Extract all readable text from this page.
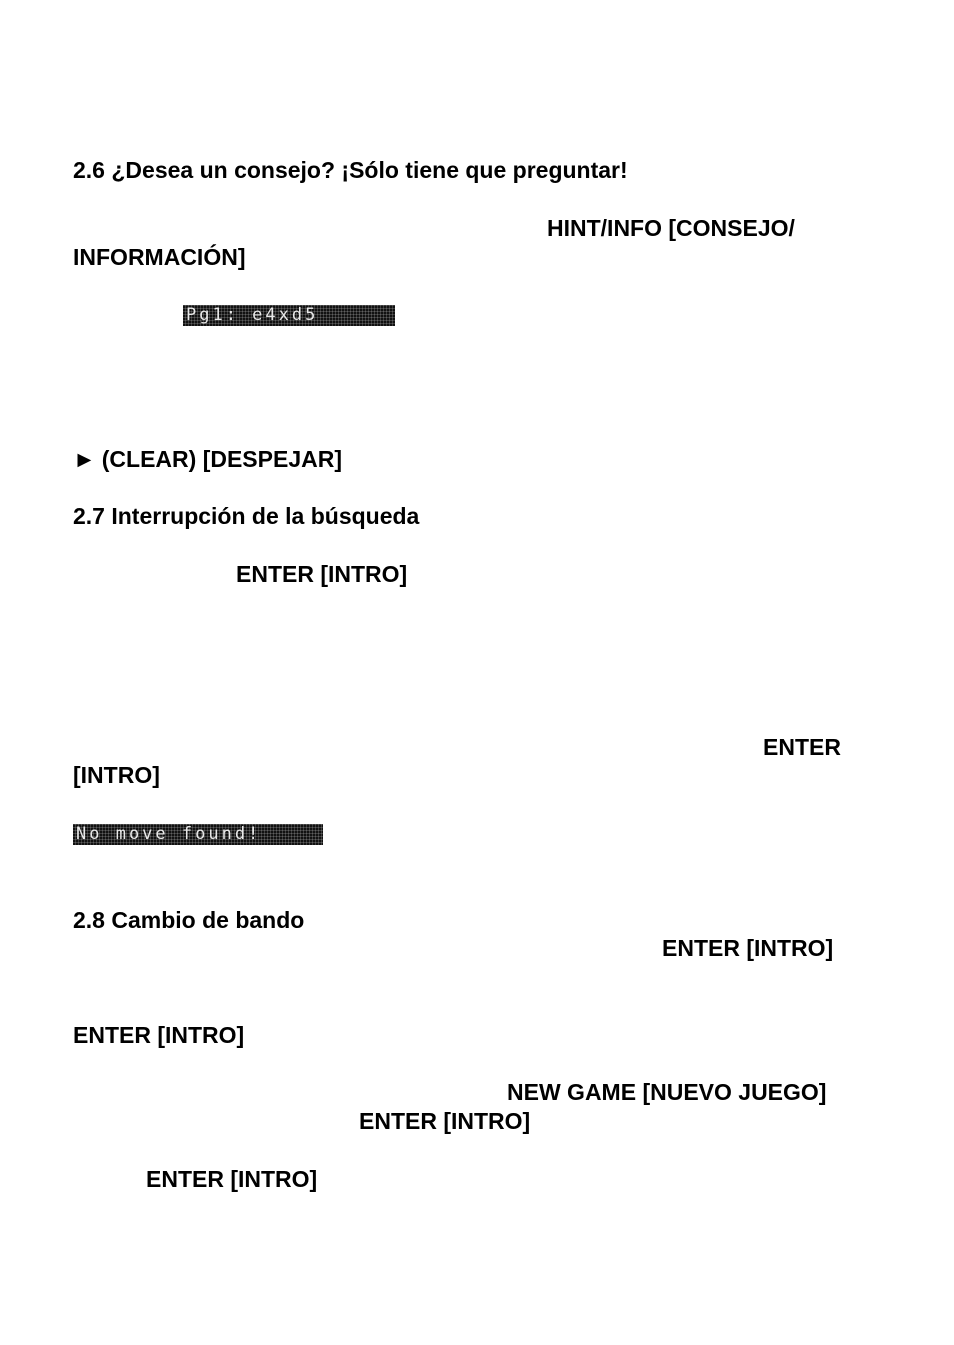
2.6 ¿Desea un consejo? ¡Sólo tiene que preguntar!

HINT/INFO [CONSEJO/

INFORMACIÓN]

Pg1: e4xd5

► (CLEAR) [DESPEJAR]

2.7 Interrupción de la búsqueda

ENTER [INTRO]

ENTER

[INTRO]

No move found!

2.8 Cambio de bando

ENTER [INTRO]

ENTER [INTRO]

NEW GAME [NUEVO JUEGO]

ENTER [INTRO]

ENTER [INTRO]
